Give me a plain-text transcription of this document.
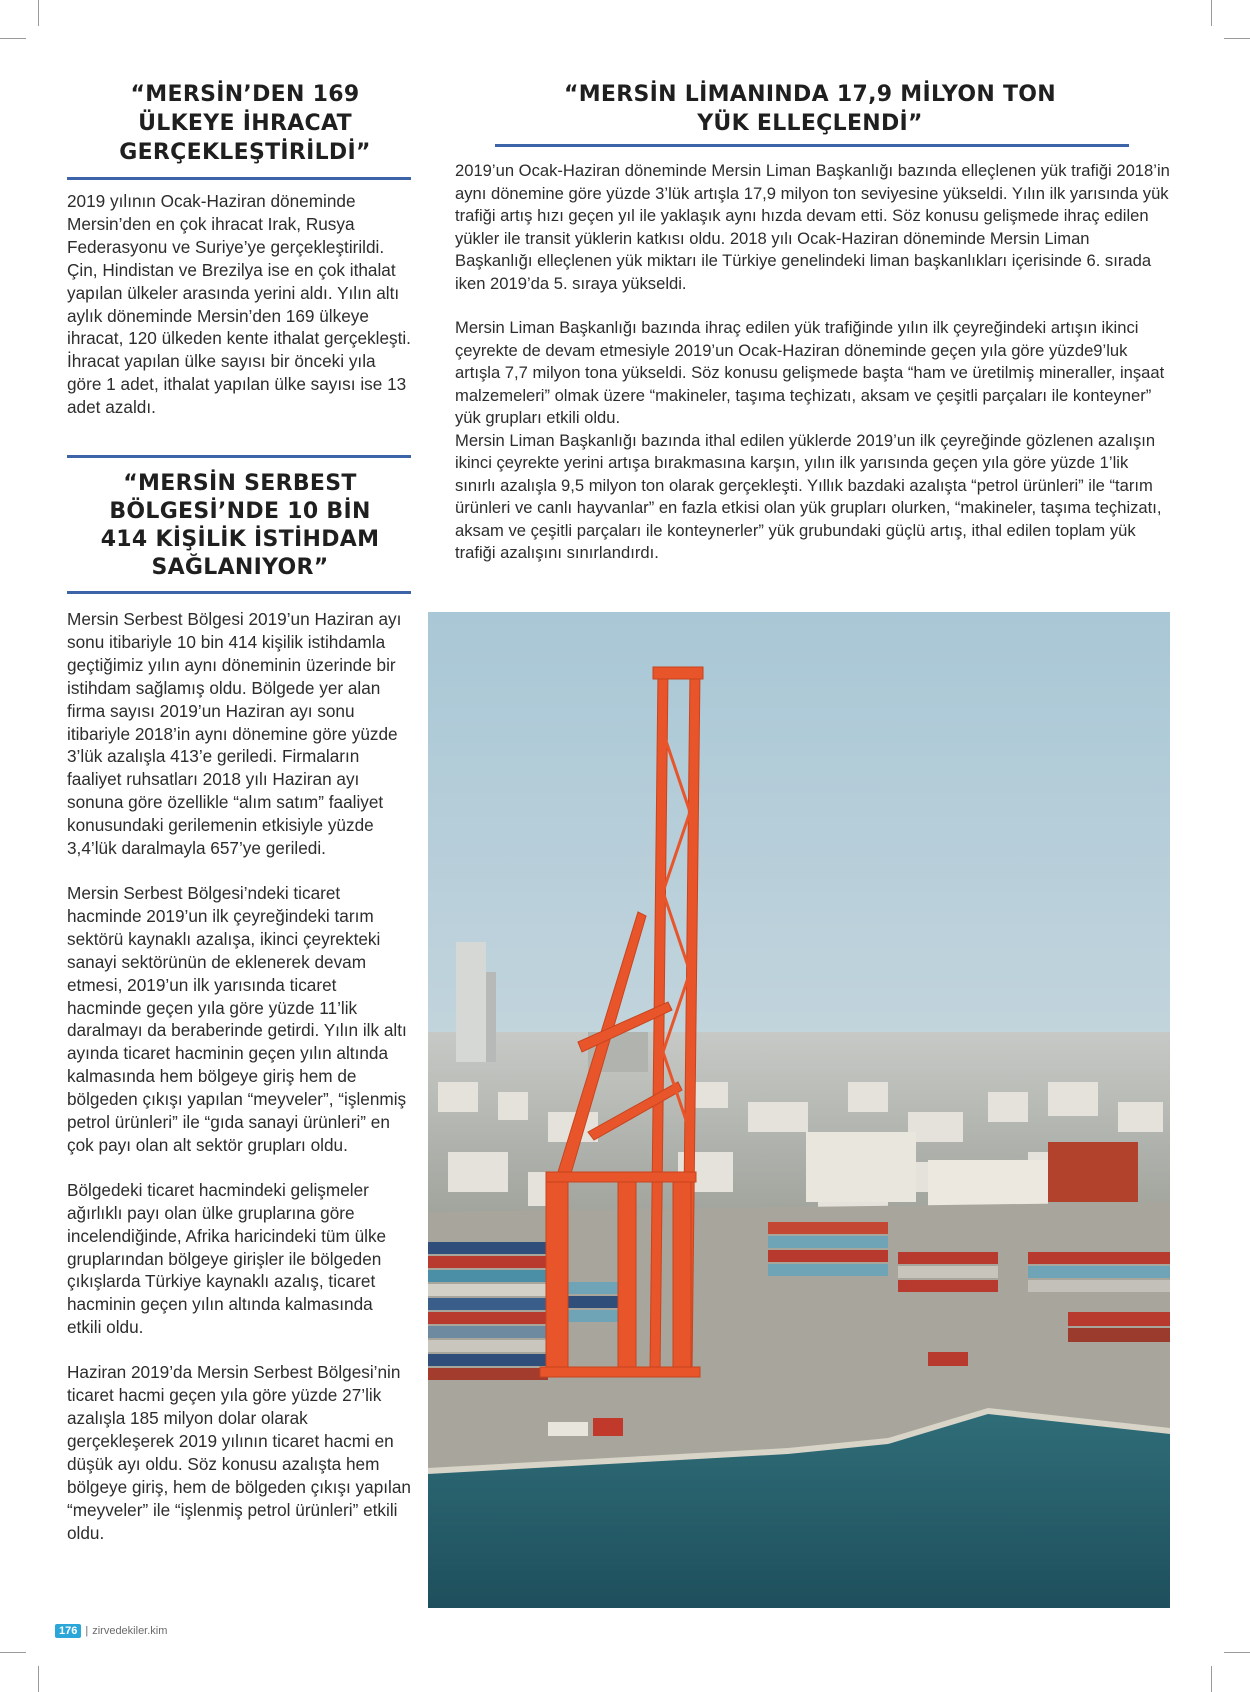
“MERSİN’DEN 169 ÜLKEYE İHRACAT GERÇEKLEŞTİRİLDİ”

2019 yılının Ocak-Haziran döneminde Mersin’den en çok ihracat Irak, Rusya Federasyonu ve Suriye’ye gerçekleştirildi. Çin, Hindistan ve Brezilya ise en çok ithalat yapılan ülkeler arasında yerini aldı. Yılın altı aylık döneminde Mersin’den 169 ülkeye ihracat, 120 ülkeden kente ithalat gerçekleşti. İhracat yapılan ülke sayısı bir önceki yıla göre 1 adet, ithalat yapılan ülke sayısı ise 13 adet azaldı.

“MERSİN SERBEST BÖLGESİ’NDE 10 BİN 414 KİŞİLİK İSTİHDAM SAĞLANIYOR”

Mersin Serbest Bölgesi 2019’un Haziran ayı sonu itibariyle 10 bin 414 kişilik istihdamla geçtiğimiz yılın aynı döneminin üzerinde bir istihdam sağlamış oldu. Bölgede yer alan firma sayısı 2019’un Haziran ayı sonu itibariyle 2018’in aynı dönemine göre yüzde 3’lük azalışla 413’e geriledi. Firmaların faaliyet ruhsatları 2018 yılı Haziran ayı sonuna göre özellikle “alım satım” faaliyet konusundaki gerilemenin etkisiyle yüzde 3,4’lük daralmayla 657’ye geriledi.

Mersin Serbest Bölgesi’ndeki ticaret hacminde 2019’un ilk çeyreğindeki tarım sektörü kaynaklı azalışa, ikinci çeyrekteki sanayi sektörünün de eklenerek devam etmesi, 2019’un ilk yarısında ticaret hacminde geçen yıla göre yüzde 11’lik daralmayı da beraberinde getirdi. Yılın ilk altı ayında ticaret hacminin geçen yılın altında kalmasında hem bölgeye giriş hem de bölgeden çıkışı yapılan “meyveler”, “işlenmiş petrol ürünleri” ile “gıda sanayi ürünleri” en çok payı olan alt sektör grupları oldu.

Bölgedeki ticaret hacmindeki gelişmeler ağırlıklı payı olan ülke gruplarına göre incelendiğinde, Afrika haricindeki tüm ülke gruplarından bölgeye girişler ile bölgeden çıkışlarda Türkiye kaynaklı azalış, ticaret hacminin geçen yılın altında kalmasında etkili oldu.

Haziran 2019’da Mersin Serbest Bölgesi’nin ticaret hacmi geçen yıla göre yüzde 27’lik azalışla 185 milyon dolar olarak gerçekleşerek 2019 yılının ticaret hacmi en düşük ayı oldu. Söz konusu azalışta hem bölgeye giriş, hem de bölgeden çıkışı yapılan “meyveler” ile “işlenmiş petrol ürünleri” etkili oldu.

“MERSİN LİMANINDA 17,9 MİLYON TON YÜK ELLEÇLENDİ”

2019’un Ocak-Haziran döneminde Mersin Liman Başkanlığı bazında elleçlenen yük trafiği 2018’in aynı dönemine göre yüzde 3’lük artışla 17,9 milyon ton seviyesine yükseldi. Yılın ilk yarısında yük trafiği artış hızı geçen yıl ile yaklaşık aynı hızda devam etti. Söz konusu gelişmede ihraç edilen yükler ile transit yüklerin katkısı oldu. 2018 yılı Ocak-Haziran döneminde Mersin Liman Başkanlığı elleçlenen yük miktarı ile Türkiye genelindeki liman başkanlıkları içerisinde 6. sırada iken 2019’da 5. sıraya yükseldi.

Mersin Liman Başkanlığı bazında ihraç edilen yük trafiğinde yılın ilk çeyreğindeki artışın ikinci çeyrekte de devam etmesiyle 2019’un Ocak-Haziran döneminde geçen yıla göre yüzde9’luk artışla 7,7 milyon tona yükseldi. Söz konusu gelişmede başta “ham ve üretilmiş mineraller, inşaat malzemeleri” olmak üzere “makineler, taşıma teçhizatı, aksam ve çeşitli parçaları ile konteyner” yük grupları etkili oldu.

Mersin Liman Başkanlığı bazında ithal edilen yüklerde 2019’un ilk çeyreğinde gözlenen azalışın ikinci çeyrekte yerini artışa bırakmasına karşın, yılın ilk yarısında geçen yıla göre yüzde 1’lik sınırlı azalışla 9,5 milyon ton olarak gerçekleşti. Yıllık bazdaki azalışta “petrol ürünleri” ile “tarım ürünleri ve canlı hayvanlar” en fazla etkisi olan yük grupları olurken, “makineler, taşıma teçhizatı, aksam ve çeşitli parçaları ile konteynerler” yük grubundaki güçlü artış, ithal edilen toplam yük trafiği azalışını sınırlandırdı.

176 | zirvedekiler.kim
